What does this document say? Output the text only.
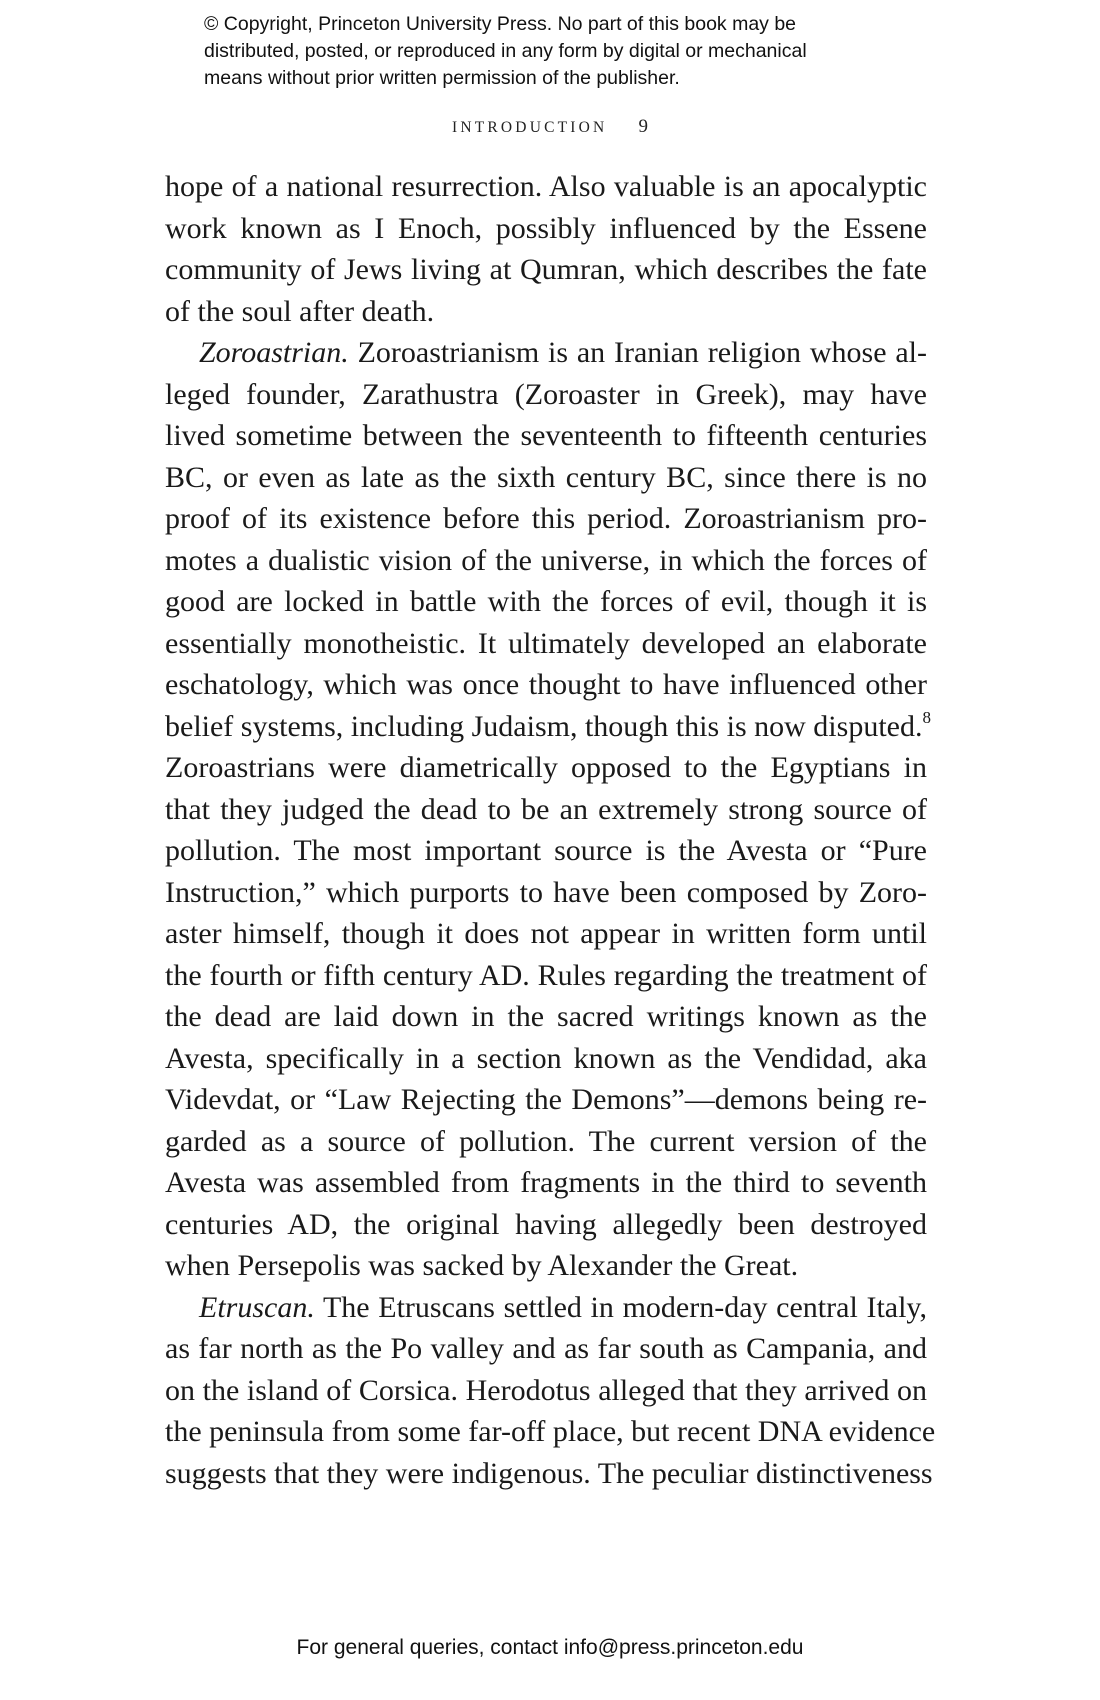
© Copyright, Princeton University Press. No part of this book may be
distributed, posted, or reproduced in any form by digital or mechanical
means without prior written permission of the publisher.
INTRODUCTION 9
hope of a national resurrection. Also valuable is an apocalyptic
work known as I Enoch, possibly influenced by the Essene
community of Jews living at Qumran, which describes the fate
of the soul after death.
Zoroastrian. Zoroastrianism is an Iranian religion whose al-
leged founder, Zarathustra (Zoroaster in Greek), may have
lived sometime between the seventeenth to fifteenth centuries
BC, or even as late as the sixth century BC, since there is no
proof of its existence before this period. Zoroastrianism pro-
motes a dualistic vision of the universe, in which the forces of
good are locked in battle with the forces of evil, though it is
essentially monotheistic. It ultimately developed an elaborate
eschatology, which was once thought to have influenced other
belief systems, including Judaism, though this is now disputed.$^8$
Zoroastrians were diametrically opposed to the Egyptians in
that they judged the dead to be an extremely strong source of
pollution. The most important source is the Avesta or “Pure
Instruction,” which purports to have been composed by Zoro-
aster himself, though it does not appear in written form until
the fourth or fifth century AD. Rules regarding the treatment of
the dead are laid down in the sacred writings known as the
Avesta, specifically in a section known as the Vendidad, aka
Videvdat, or “Law Rejecting the Demons”—demons being re-
garded as a source of pollution. The current version of the
Avesta was assembled from fragments in the third to seventh
centuries AD, the original having allegedly been destroyed
when Persepolis was sacked by Alexander the Great.
Etruscan. The Etruscans settled in modern-day central Italy,
as far north as the Po valley and as far south as Campania, and
on the island of Corsica. Herodotus alleged that they arrived on
the peninsula from some far-off place, but recent DNA evidence
suggests that they were indigenous. The peculiar distinctiveness
For general queries, contact info@press.princeton.edu
